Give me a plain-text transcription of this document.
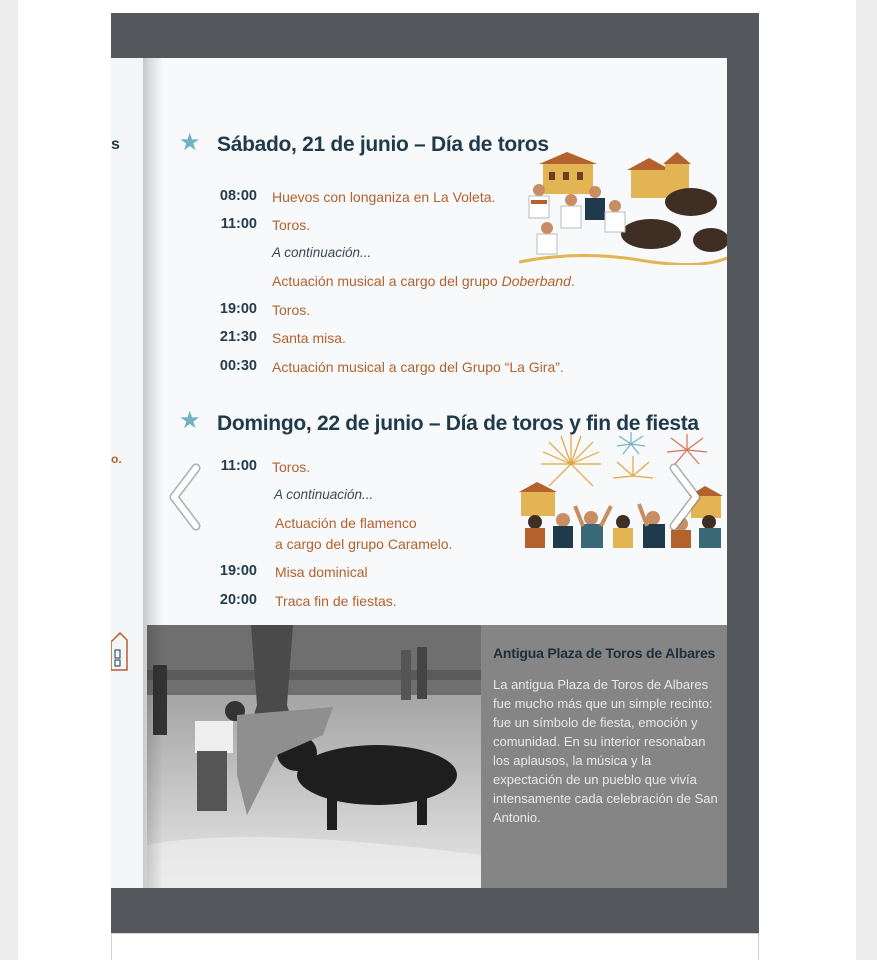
s
o.
★ Sábado, 21 de junio – Día de toros
08:00 Huevos con longaniza en La Voleta.
11:00 Toros.
A continuación...
Actuación musical a cargo del grupo Doberband.
19:00 Toros.
21:30 Santa misa.
00:30 Actuación musical a cargo del Grupo “La Gira”.
★ Domingo, 22 de junio – Día de toros y fin de fiesta
11:00 Toros.
A continuación...
Actuación de flamenco
a cargo del grupo Caramelo.
19:00 Misa dominical
20:00 Traca fin de fiestas.
Antigua Plaza de Toros de Albares
La antigua Plaza de Toros de Albares fue mucho más que un simple recinto: fue un símbolo de fiesta, emoción y comunidad. En su interior resonaban los aplausos, la música y la expectación de un pueblo que vivía intensamente cada celebración de San Antonio.
